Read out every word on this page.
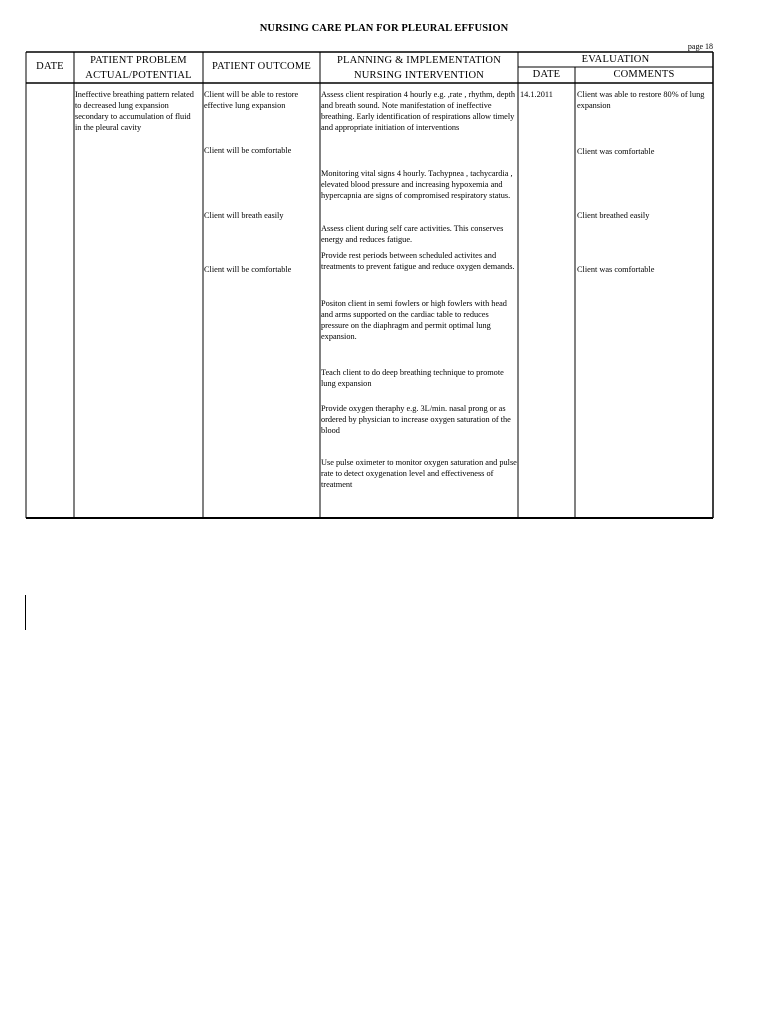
NURSING CARE PLAN FOR PLEURAL EFFUSION
page 18
DATE
PATIENT PROBLEM
ACTUAL/POTENTIAL
PATIENT OUTCOME
PLANNING & IMPLEMENTATION
NURSING INTERVENTION
EVALUATION
DATE	COMMENTS
Ineffective breathing pattern related to decreased lung expansion secondary to accumulation of fluid in the pleural cavity
Client will be able to restore effective lung expansion
Client will be comfortable
Client will breath easily
Client will be comfortable
Assess client respiration 4 hourly e.g. ,rate , rhythm, depth and breath sound. Note manifestation of ineffective breathing. Early identification of respirations allow timely and appropriate initiation of interventions
Monitoring vital signs 4 hourly. Tachypnea , tachycardia , elevated blood pressure and increasing hypoxemia and hypercapnia are signs of compromised respiratory status.
Assess client during self care activities. This conserves energy and reduces fatigue.
Provide rest periods between scheduled activites and treatments to prevent fatigue and reduce oxygen demands.
Positon client in semi fowlers or high fowlers with head and arms supported on the cardiac table to reduces pressure on the diaphragm and permit optimal lung expansion.
Teach client to do deep breathing technique to promote lung expansion
Provide oxygen theraphy e.g. 3L/min. nasal prong or as ordered by physician to increase oxygen saturation of the blood
Use pulse oximeter to monitor oxygen saturation and pulse rate to detect oxygenation level and effectiveness of treatment
14.1.2011	Client was able to restore 80% of lung expansion
Client was comfortable
Client breathed easily
Client was comfortable
